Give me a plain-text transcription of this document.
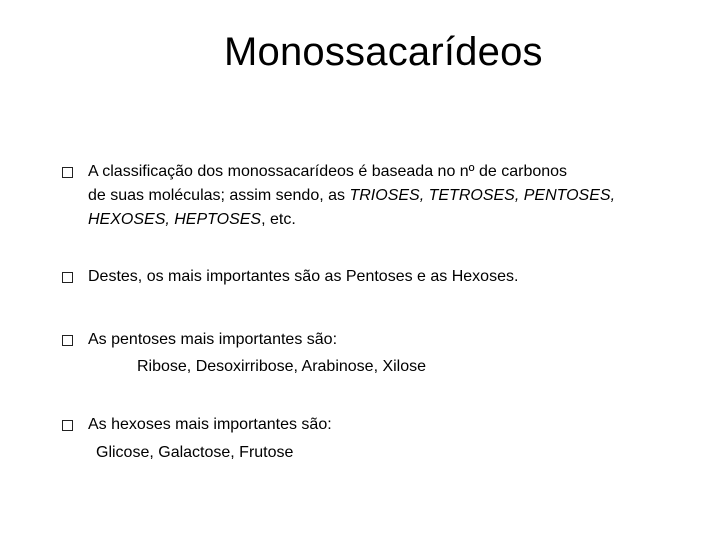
Monossacarídeos
A classificação dos monossacarídeos é baseada no nº de carbonos
de suas moléculas; assim sendo, as TRIOSES, TETROSES, PENTOSES,
HEXOSES, HEPTOSES, etc.
Destes, os mais importantes são as Pentoses e as Hexoses.
As pentoses mais importantes são:
Ribose, Desoxirribose, Arabinose, Xilose
As hexoses mais importantes são:
Glicose, Galactose, Frutose
